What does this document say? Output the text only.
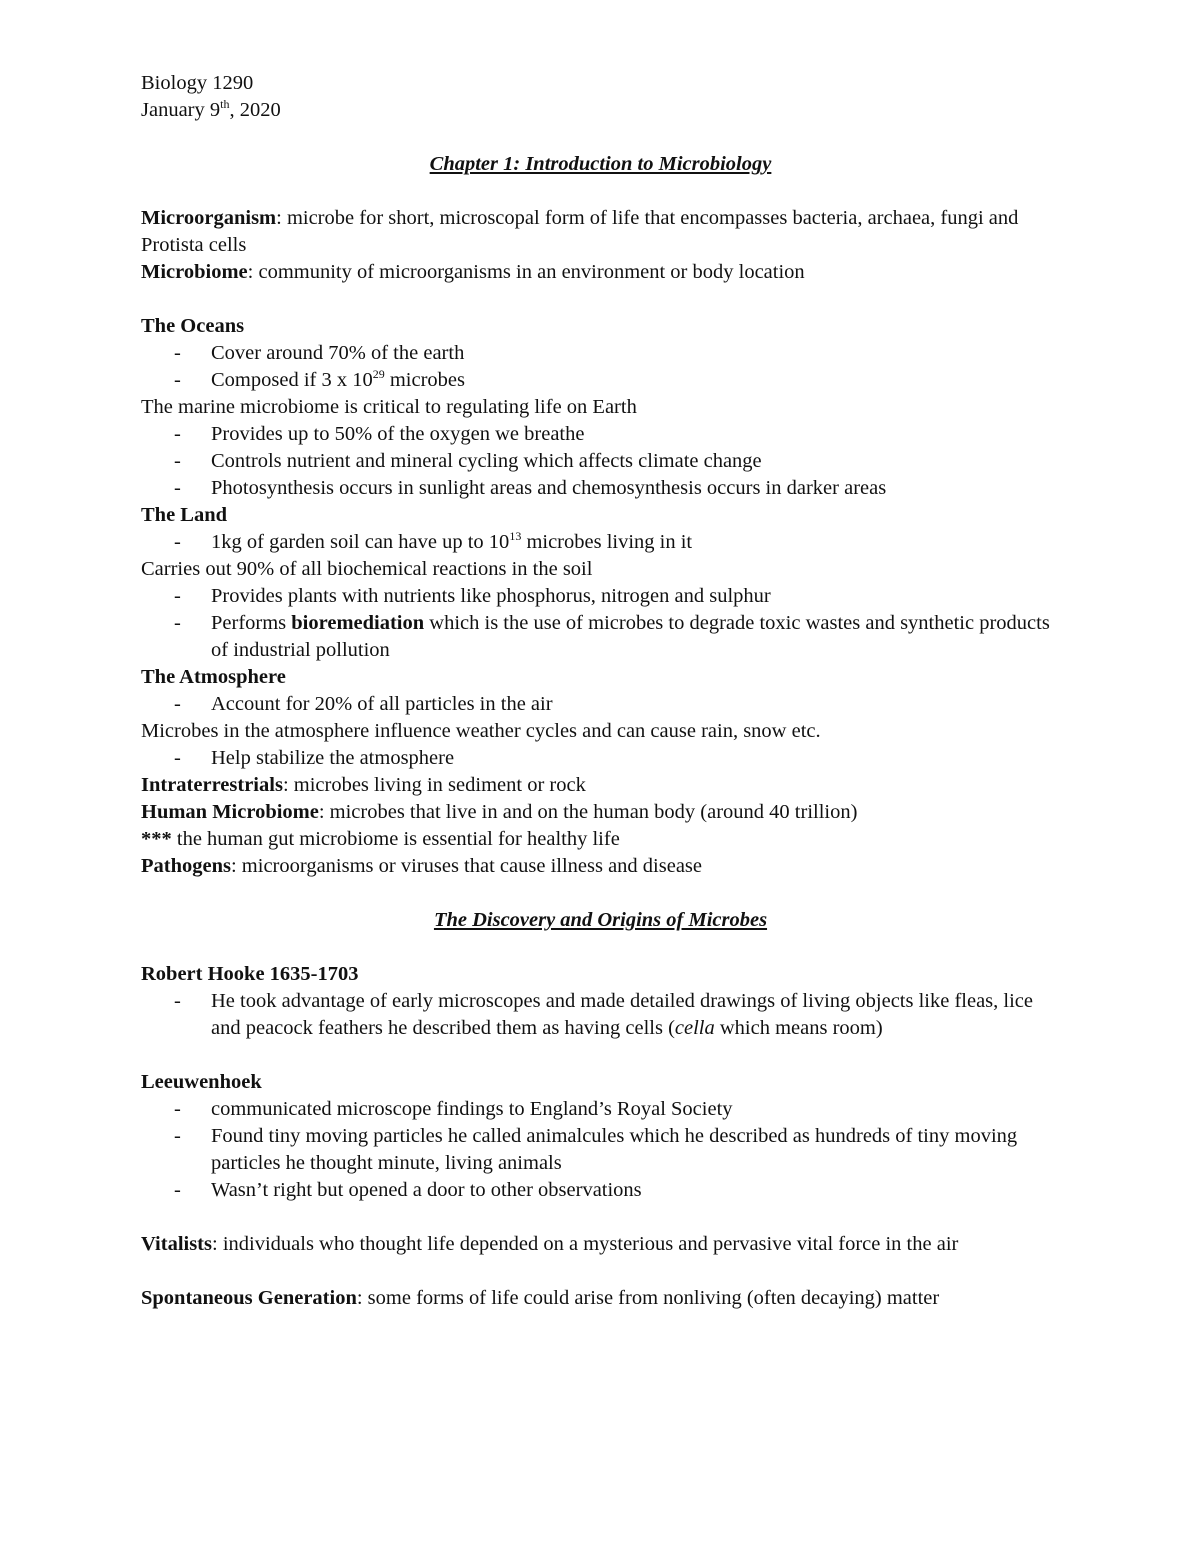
Biology 1290

January 9th, 2020

Chapter 1: Introduction to Microbiology

Microorganism: microbe for short, microscopal form of life that encompasses bacteria, archaea, fungi and Protista cells

Microbiome: community of microorganisms in an environment or body location

The Oceans

-	Cover around 70% of the earth
-	Composed if 3 x $10^{29}$ microbes

The marine microbiome is critical to regulating life on Earth

-	Provides up to 50% of the oxygen we breathe
-	Controls nutrient and mineral cycling which affects climate change
-	Photosynthesis occurs in sunlight areas and chemosynthesis occurs in darker areas

The Land

-	1kg of garden soil can have up to $10^{13}$ microbes living in it

Carries out 90% of all biochemical reactions in the soil

-	Provides plants with nutrients like phosphorus, nitrogen and sulphur
-	Performs bioremediation which is the use of microbes to degrade toxic wastes and synthetic products of industrial pollution

The Atmosphere

-	Account for 20% of all particles in the air

Microbes in the atmosphere influence weather cycles and can cause rain, snow etc.

-	Help stabilize the atmosphere

Intraterrestrials: microbes living in sediment or rock

Human Microbiome: microbes that live in and on the human body (around 40 trillion)

*** the human gut microbiome is essential for healthy life

Pathogens: microorganisms or viruses that cause illness and disease

The Discovery and Origins of Microbes

Robert Hooke 1635-1703

-	He took advantage of early microscopes and made detailed drawings of living objects like fleas, lice and peacock feathers he described them as having cells (cella which means room)

Leeuwenhoek

-	communicated microscope findings to England’s Royal Society
-	Found tiny moving particles he called animalcules which he described as hundreds of tiny moving particles he thought minute, living animals
-	Wasn’t right but opened a door to other observations

Vitalists: individuals who thought life depended on a mysterious and pervasive vital force in the air

Spontaneous Generation: some forms of life could arise from nonliving (often decaying) matter
